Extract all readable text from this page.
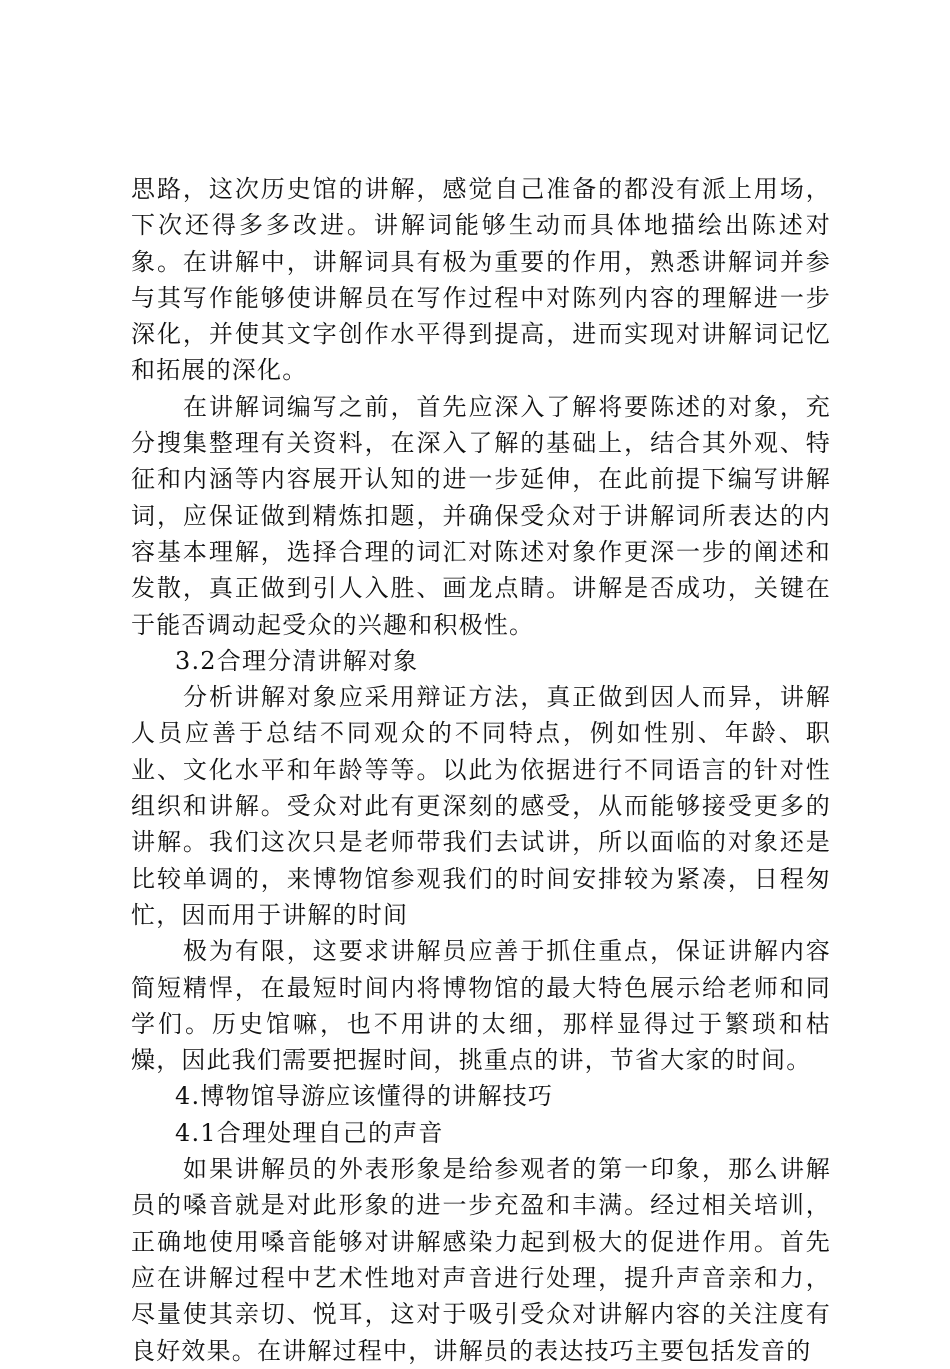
思路，这次历史馆的讲解，感觉自己准备的都没有派上用场，下次还得多多改进。讲解词能够生动而具体地描绘出陈述对象。在讲解中，讲解词具有极为重要的作用，熟悉讲解词并参与其写作能够使讲解员在写作过程中对陈列内容的理解进一步深化，并使其文字创作水平得到提高，进而实现对讲解词记忆和拓展的深化。

在讲解词编写之前，首先应深入了解将要陈述的对象，充分搜集整理有关资料，在深入了解的基础上，结合其外观、特征和内涵等内容展开认知的进一步延伸，在此前提下编写讲解词，应保证做到精炼扣题，并确保受众对于讲解词所表达的内容基本理解，选择合理的词汇对陈述对象作更深一步的阐述和发散，真正做到引人入胜、画龙点睛。讲解是否成功，关键在于能否调动起受众的兴趣和积极性。

3.2合理分清讲解对象

分析讲解对象应采用辩证方法，真正做到因人而异，讲解人员应善于总结不同观众的不同特点，例如性别、年龄、职业、文化水平和年龄等等。以此为依据进行不同语言的针对性组织和讲解。受众对此有更深刻的感受，从而能够接受更多的讲解。我们这次只是老师带我们去试讲，所以面临的对象还是比较单调的，来博物馆参观我们的时间安排较为紧凑，日程匆忙，因而用于讲解的时间

极为有限，这要求讲解员应善于抓住重点，保证讲解内容简短精悍，在最短时间内将博物馆的最大特色展示给老师和同学们。历史馆嘛，也不用讲的太细，那样显得过于繁琐和枯燥，因此我们需要把握时间，挑重点的讲，节省大家的时间。

4.博物馆导游应该懂得的讲解技巧

4.1合理处理自己的声音

如果讲解员的外表形象是给参观者的第一印象，那么讲解员的嗓音就是对此形象的进一步充盈和丰满。经过相关培训，正确地使用嗓音能够对讲解感染力起到极大的促进作用。首先应在讲解过程中艺术性地对声音进行处理，提升声音亲和力，尽量使其亲切、悦耳，这对于吸引受众对讲解内容的关注度有良好效果。在讲解过程中，讲解员的表达技巧主要包括发音的
